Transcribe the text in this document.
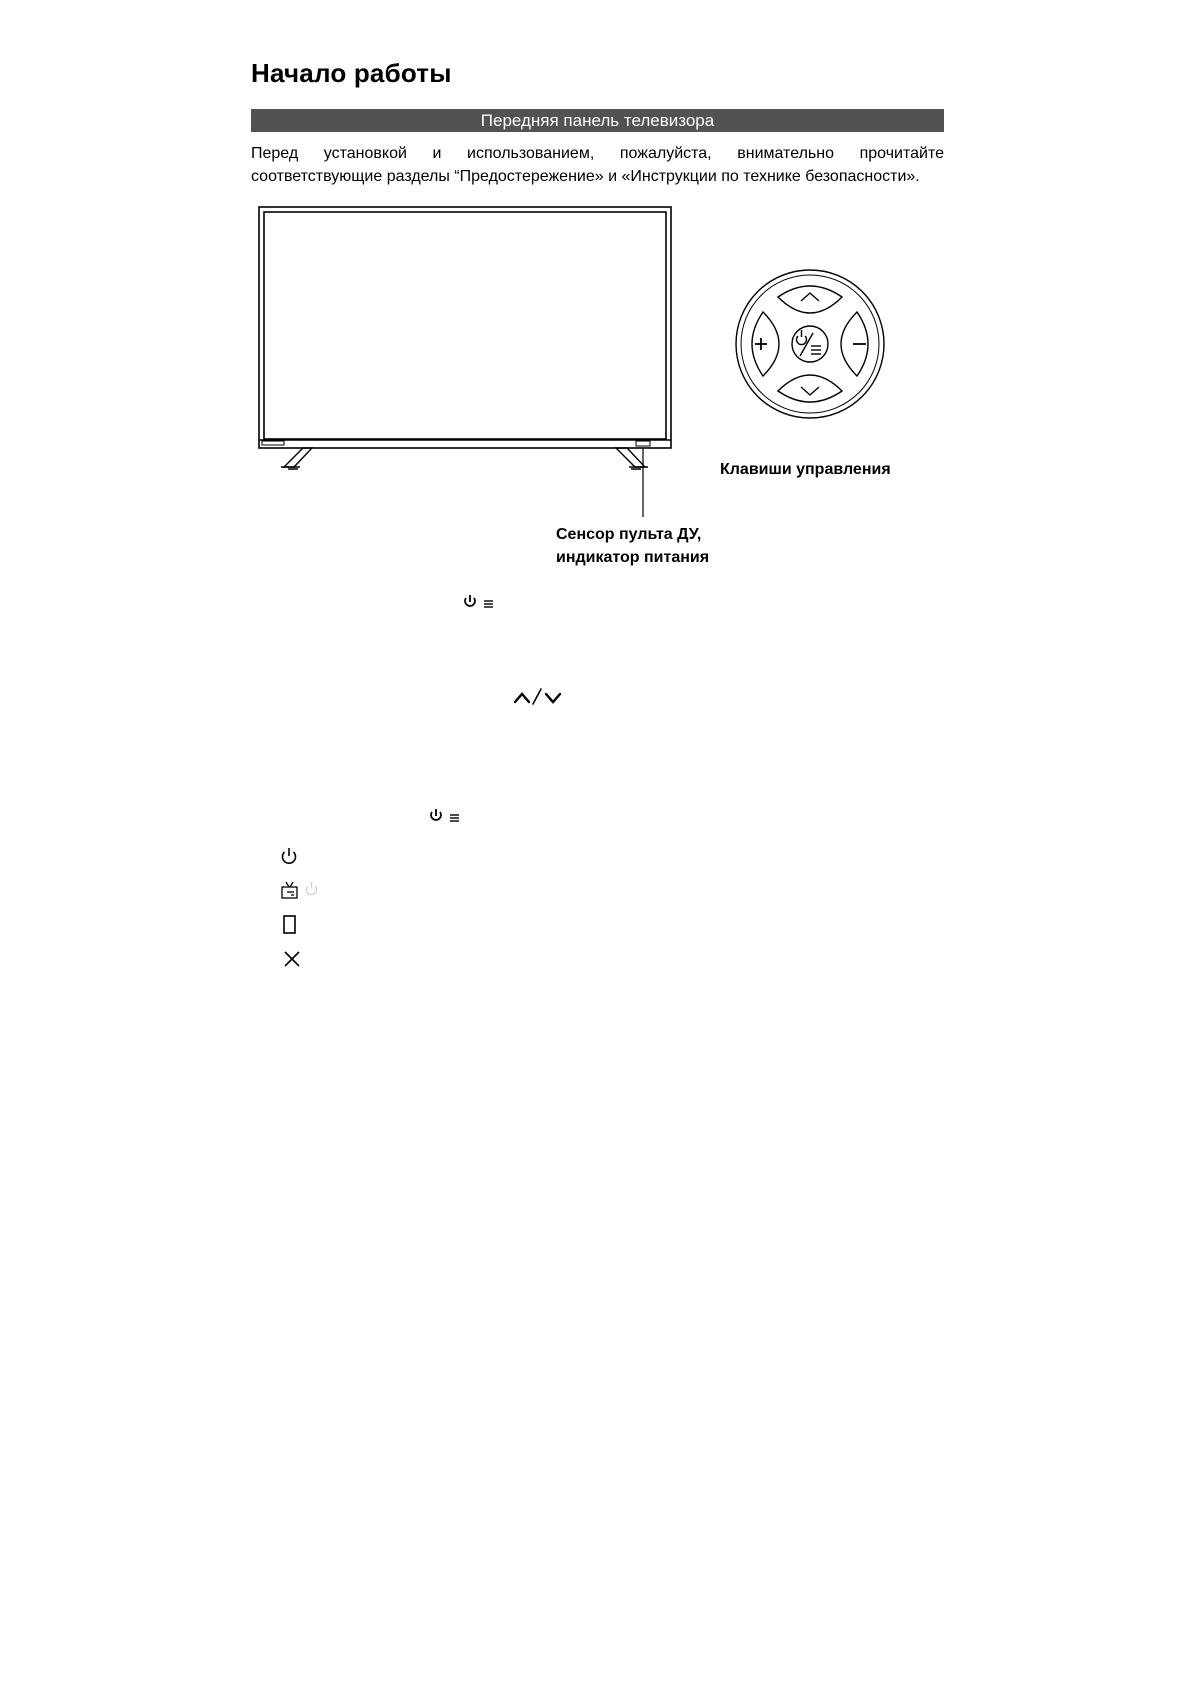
Начало работы
Передняя панель телевизора

Перед установкой и использованием, пожалуйста, внимательно прочитайте соответствующие разделы “Предостережение» и «Инструкции по технике безопасности».

Клавиши управления

Сенсор пульта ДУ,
индикатор питания
